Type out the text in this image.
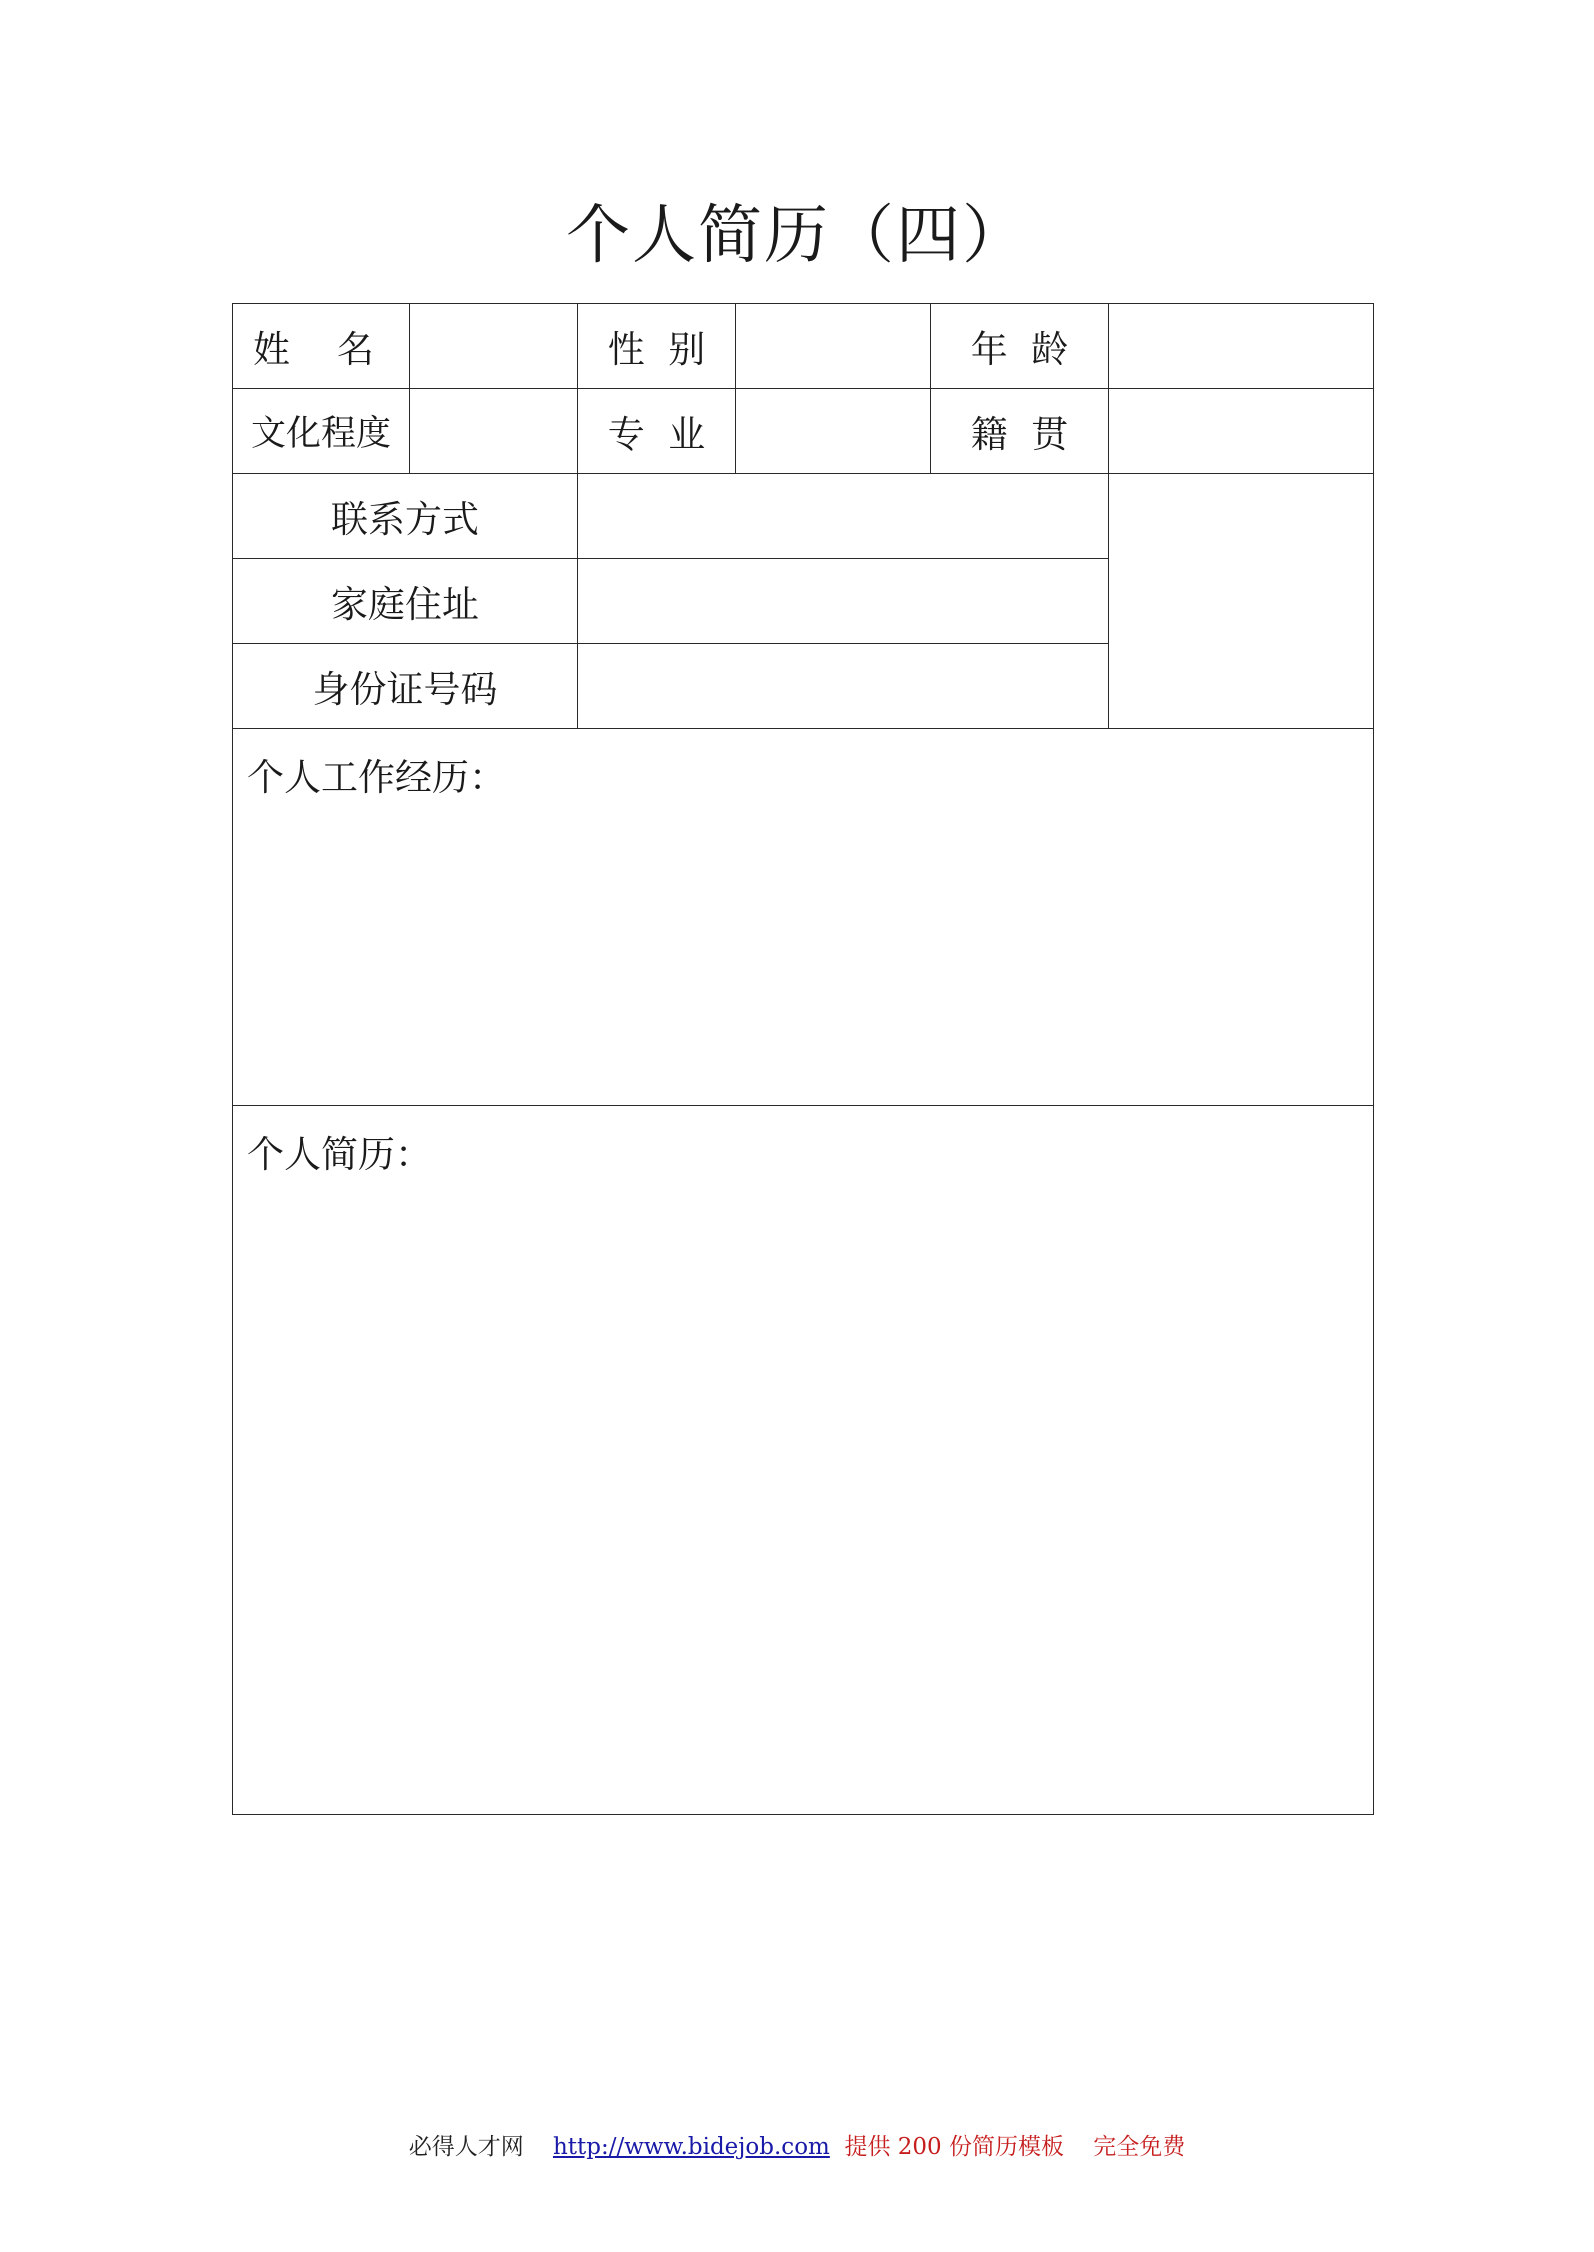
个人简历（四）
姓    名		性  别		年  龄	
文化程度		专  业		籍  贯	
联系方式					
家庭住址					
身份证号码					
个人工作经历：					
个人简历：					
必得人才网 http://www.bidejob.com 提供 200 份简历模板 完全免费
